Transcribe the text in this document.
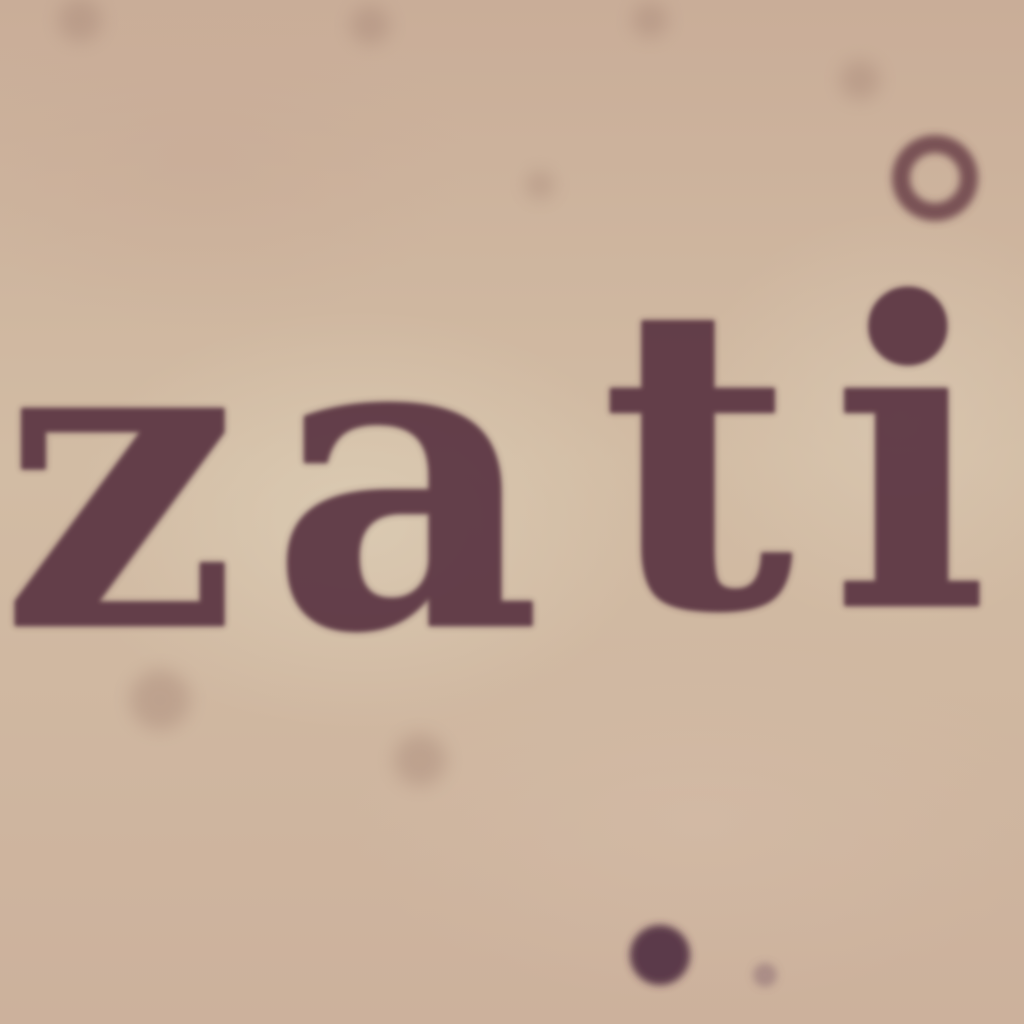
z a t i
